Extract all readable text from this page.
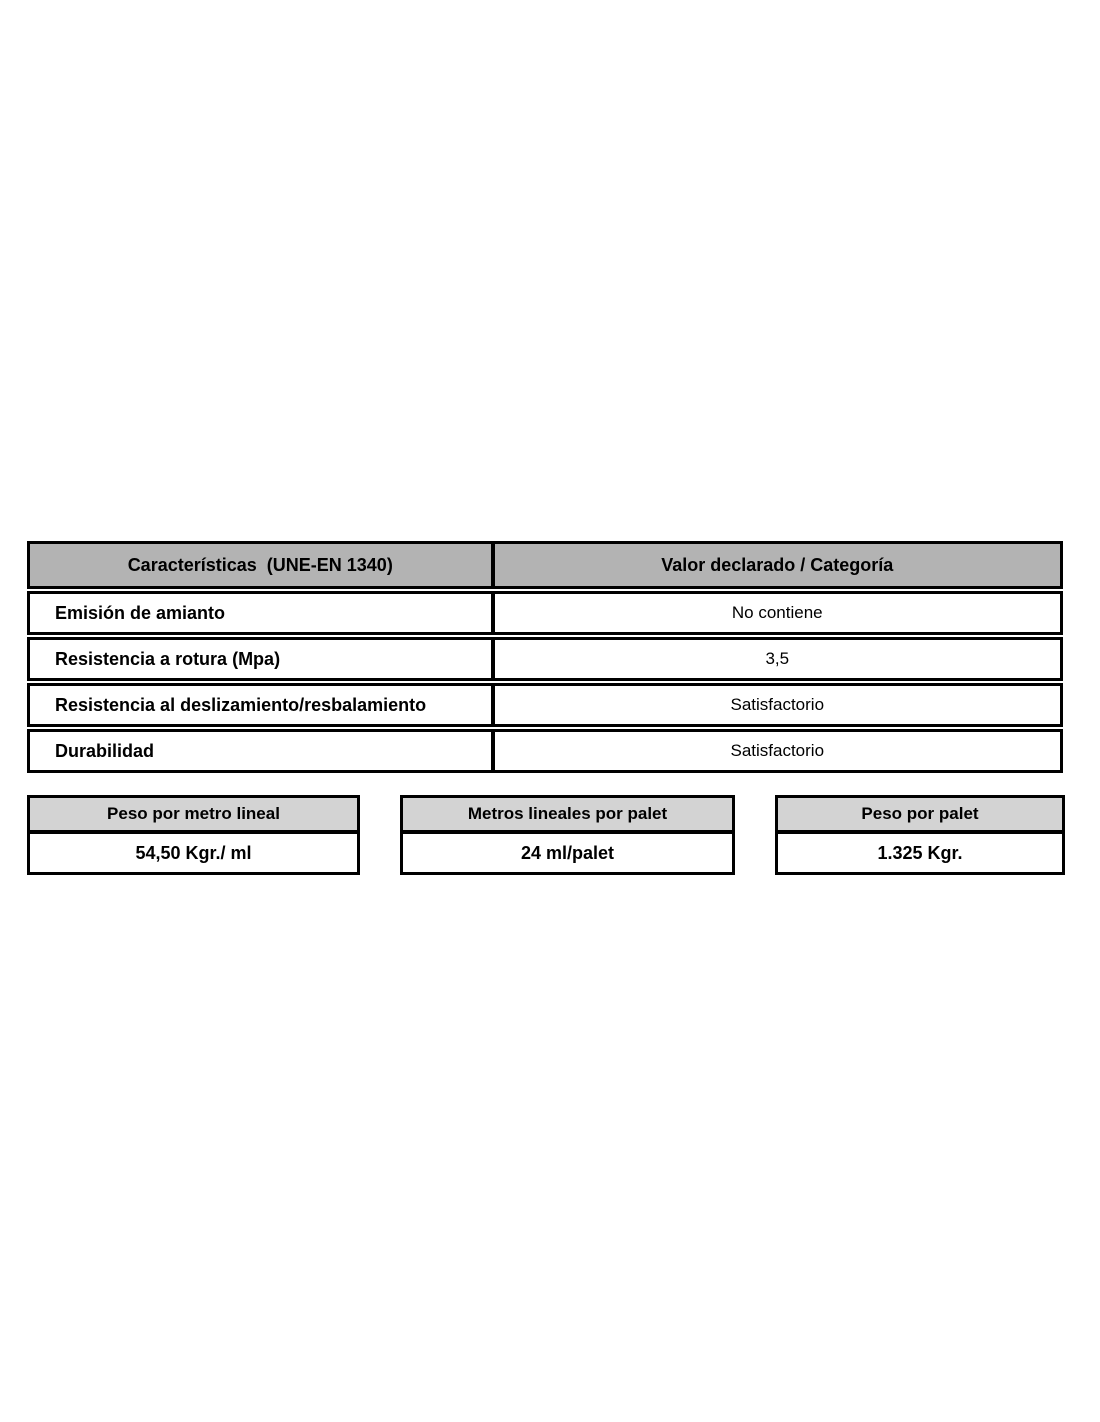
Características  (UNE-EN 1340)	Valor declarado / Categoría
Emisión de amianto	No contiene
Resistencia a rotura (Mpa)	3,5
Resistencia al deslizamiento/resbalamiento	Satisfactorio
Durabilidad	Satisfactorio
Peso por metro lineal
54,50 Kgr./ ml
Metros lineales por palet
24 ml/palet
Peso por palet
1.325 Kgr.
